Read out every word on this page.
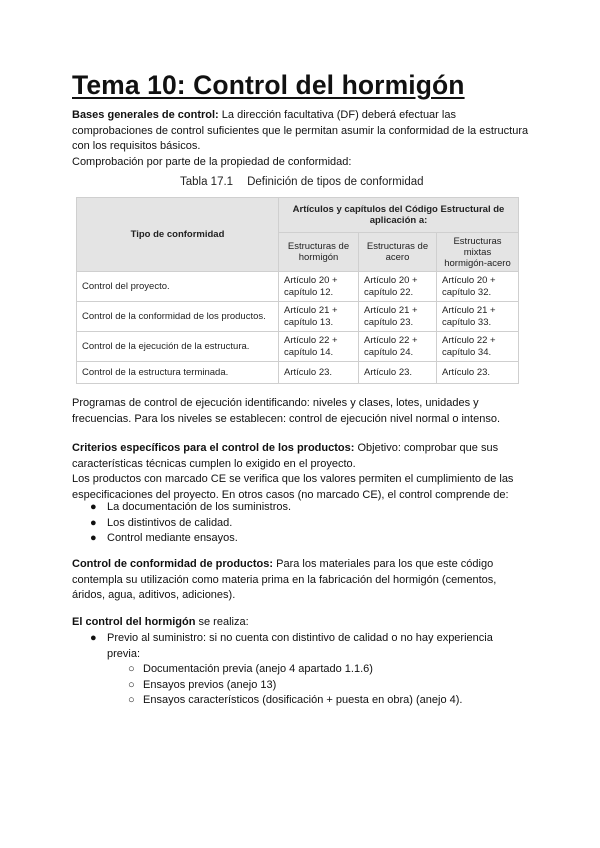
Tema 10: Control del hormigón
Bases generales de control: La dirección facultativa (DF) deberá efectuar las comprobaciones de control suficientes que le permitan asumir la conformidad de la estructura con los requisitos básicos.
Comprobación por parte de la propiedad de conformidad:
Tabla 17.1 Definición de tipos de conformidad
Tipo de conformidad	Artículos y capítulos del Código Estructural de aplicación a:		
	Estructuras de hormigón	Estructuras de acero	Estructuras mixtas hormigón-acero
Control del proyecto.	Artículo 20 + capítulo 12.	Artículo 20 + capítulo 22.	Artículo 20 + capítulo 32.
Control de la conformidad de los productos.	Artículo 21 + capítulo 13.	Artículo 21 + capítulo 23.	Artículo 21 + capítulo 33.
Control de la ejecución de la estructura.	Artículo 22 + capítulo 14.	Artículo 22 + capítulo 24.	Artículo 22 + capítulo 34.
Control de la estructura terminada.	Artículo 23.	Artículo 23.	Artículo 23.
Programas de control de ejecución identificando: niveles y clases, lotes, unidades y frecuencias. Para los niveles se establecen: control de ejecución nivel normal o intenso.
Criterios específicos para el control de los productos: Objetivo: comprobar que sus características técnicas cumplen lo exigido en el proyecto.
Los productos con marcado CE se verifica que los valores permiten el cumplimiento de las especificaciones del proyecto. En otros casos (no marcado CE), el control comprende de:
● La documentación de los suministros.
● Los distintivos de calidad.
● Control mediante ensayos.
Control de conformidad de productos: Para los materiales para los que este código contempla su utilización como materia prima en la fabricación del hormigón (cementos, áridos, agua, aditivos, adiciones).
El control del hormigón se realiza:
● Previo al suministro: si no cuenta con distintivo de calidad o no hay experiencia previa:
○ Documentación previa (anejo 4 apartado 1.1.6)
○ Ensayos previos (anejo 13)
○ Ensayos característicos (dosificación + puesta en obra) (anejo 4).
